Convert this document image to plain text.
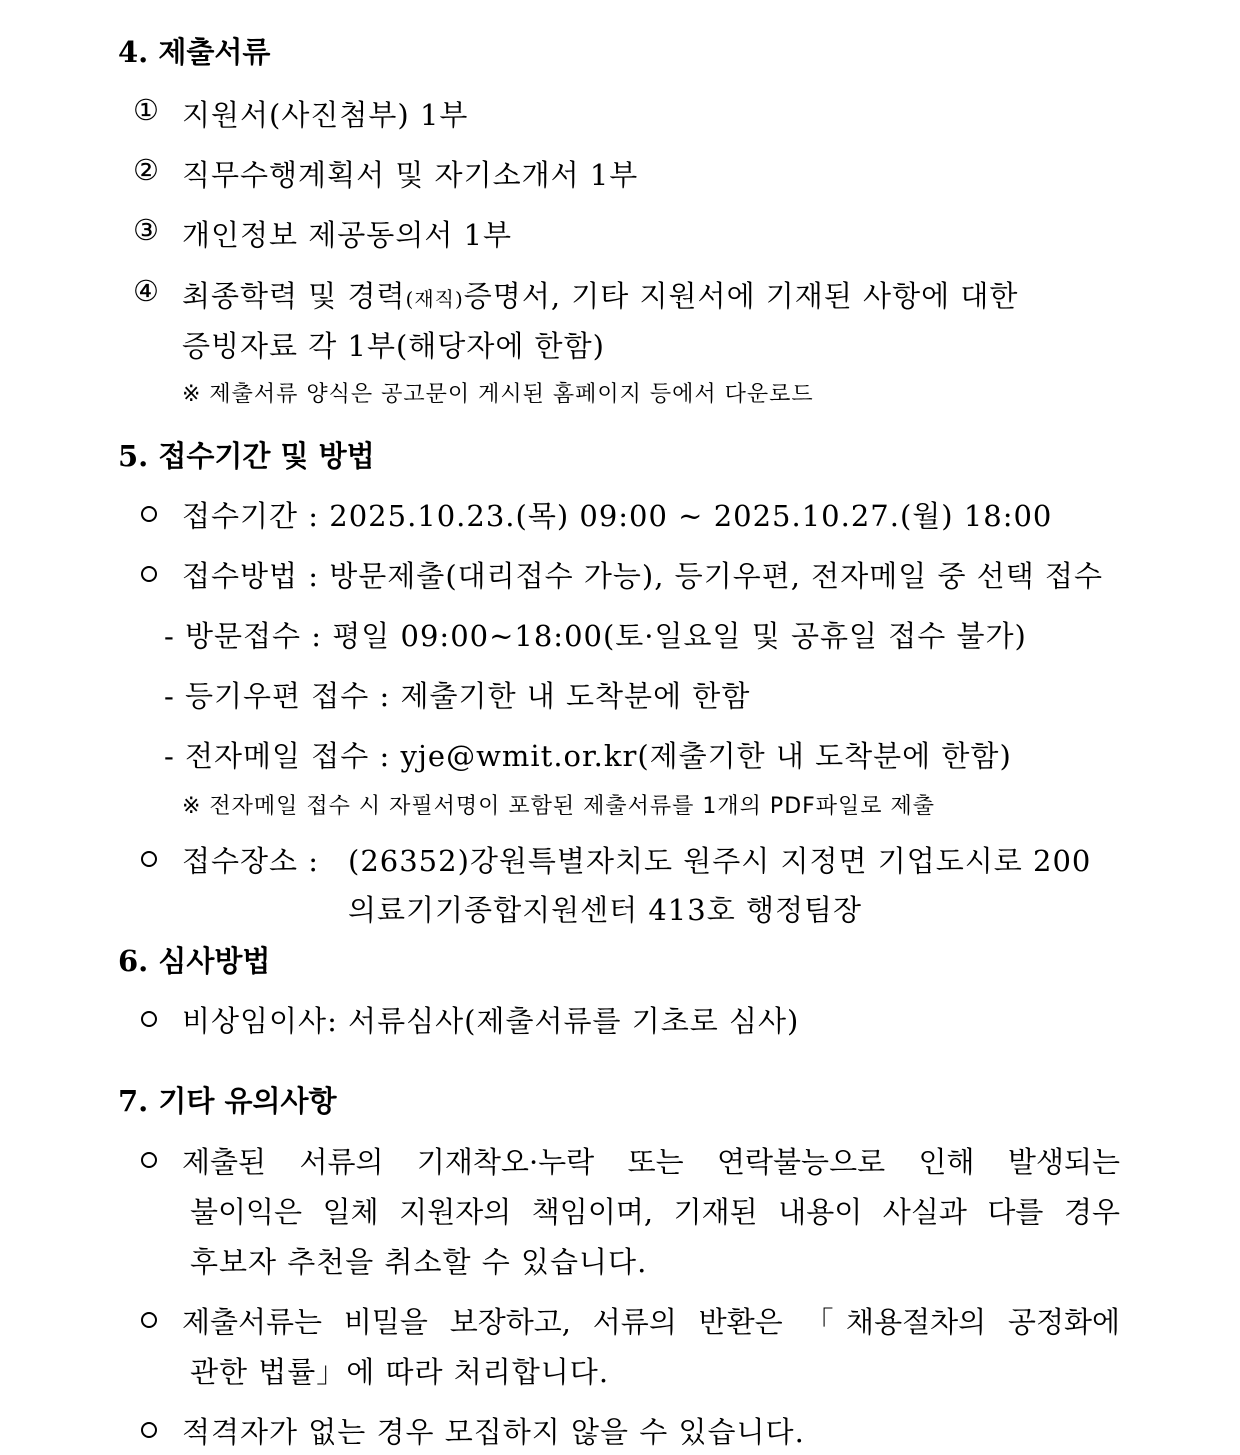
4. 제출서류
① 지원서(사진첨부) 1부
② 직무수행계획서 및 자기소개서 1부
③ 개인정보 제공동의서 1부
④ 최종학력 및 경력(재직)증명서, 기타 지원서에 기재된 사항에 대한
증빙자료 각 1부(해당자에 한함)
※ 제출서류 양식은 공고문이 게시된 홈페이지 등에서 다운로드
5. 접수기간 및 방법
접수기간 : 2025.10.23.(목) 09:00 ~ 2025.10.27.(월) 18:00
접수방법 : 방문제출(대리접수 가능), 등기우편, 전자메일 중 선택 접수
- 방문접수 : 평일 09:00~18:00(토·일요일 및 공휴일 접수 불가)
- 등기우편 접수 : 제출기한 내 도착분에 한함
- 전자메일 접수 : yje@wmit.or.kr(제출기한 내 도착분에 한함)
※ 전자메일 접수 시 자필서명이 포함된 제출서류를 1개의 PDF파일로 제출
접수장소 : (26352)강원특별자치도 원주시 지정면 기업도시로 200
의료기기종합지원센터 413호 행정팀장
6. 심사방법
비상임이사: 서류심사(제출서류를 기초로 심사)
7. 기타 유의사항
제출된 서류의 기재착오·누락 또는 연락불능으로 인해 발생되는
불이익은 일체 지원자의 책임이며, 기재된 내용이 사실과 다를 경우
후보자 추천을 취소할 수 있습니다.
제출서류는 비밀을 보장하고, 서류의 반환은 「채용절차의 공정화에
관한 법률」에 따라 처리합니다.
적격자가 없는 경우 모집하지 않을 수 있습니다.
